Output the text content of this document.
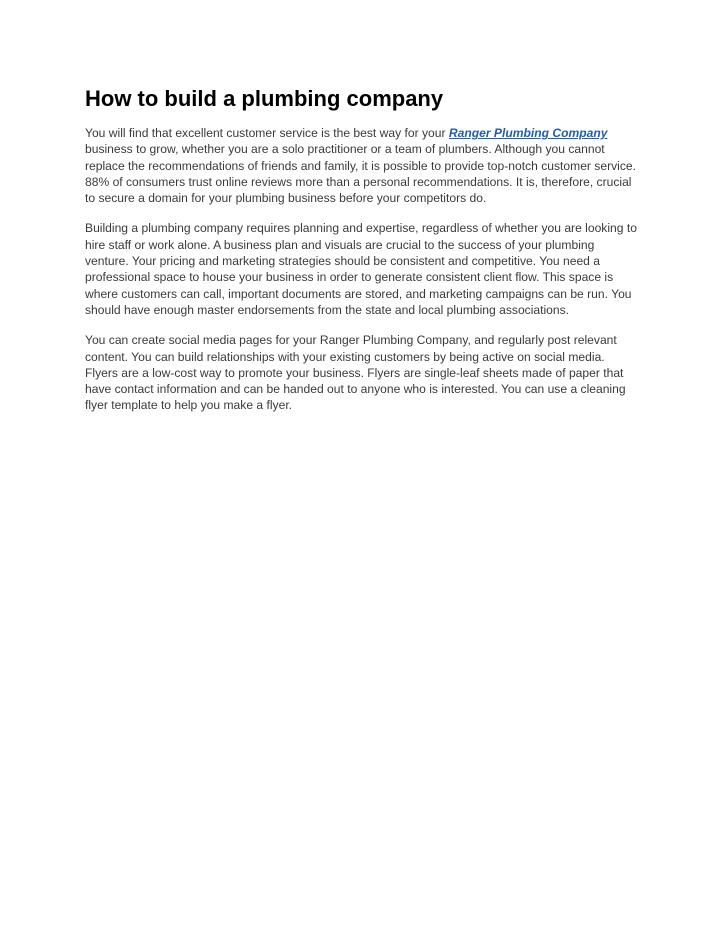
How to build a plumbing company

You will find that excellent customer service is the best way for your Ranger Plumbing Company business to grow, whether you are a solo practitioner or a team of plumbers. Although you cannot replace the recommendations of friends and family, it is possible to provide top-notch customer service. 88% of consumers trust online reviews more than a personal recommendations. It is, therefore, crucial to secure a domain for your plumbing business before your competitors do.

Building a plumbing company requires planning and expertise, regardless of whether you are looking to hire staff or work alone. A business plan and visuals are crucial to the success of your plumbing venture. Your pricing and marketing strategies should be consistent and competitive. You need a professional space to house your business in order to generate consistent client flow. This space is where customers can call, important documents are stored, and marketing campaigns can be run. You should have enough master endorsements from the state and local plumbing associations.

You can create social media pages for your Ranger Plumbing Company, and regularly post relevant content. You can build relationships with your existing customers by being active on social media. Flyers are a low-cost way to promote your business. Flyers are single-leaf sheets made of paper that have contact information and can be handed out to anyone who is interested. You can use a cleaning flyer template to help you make a flyer.
